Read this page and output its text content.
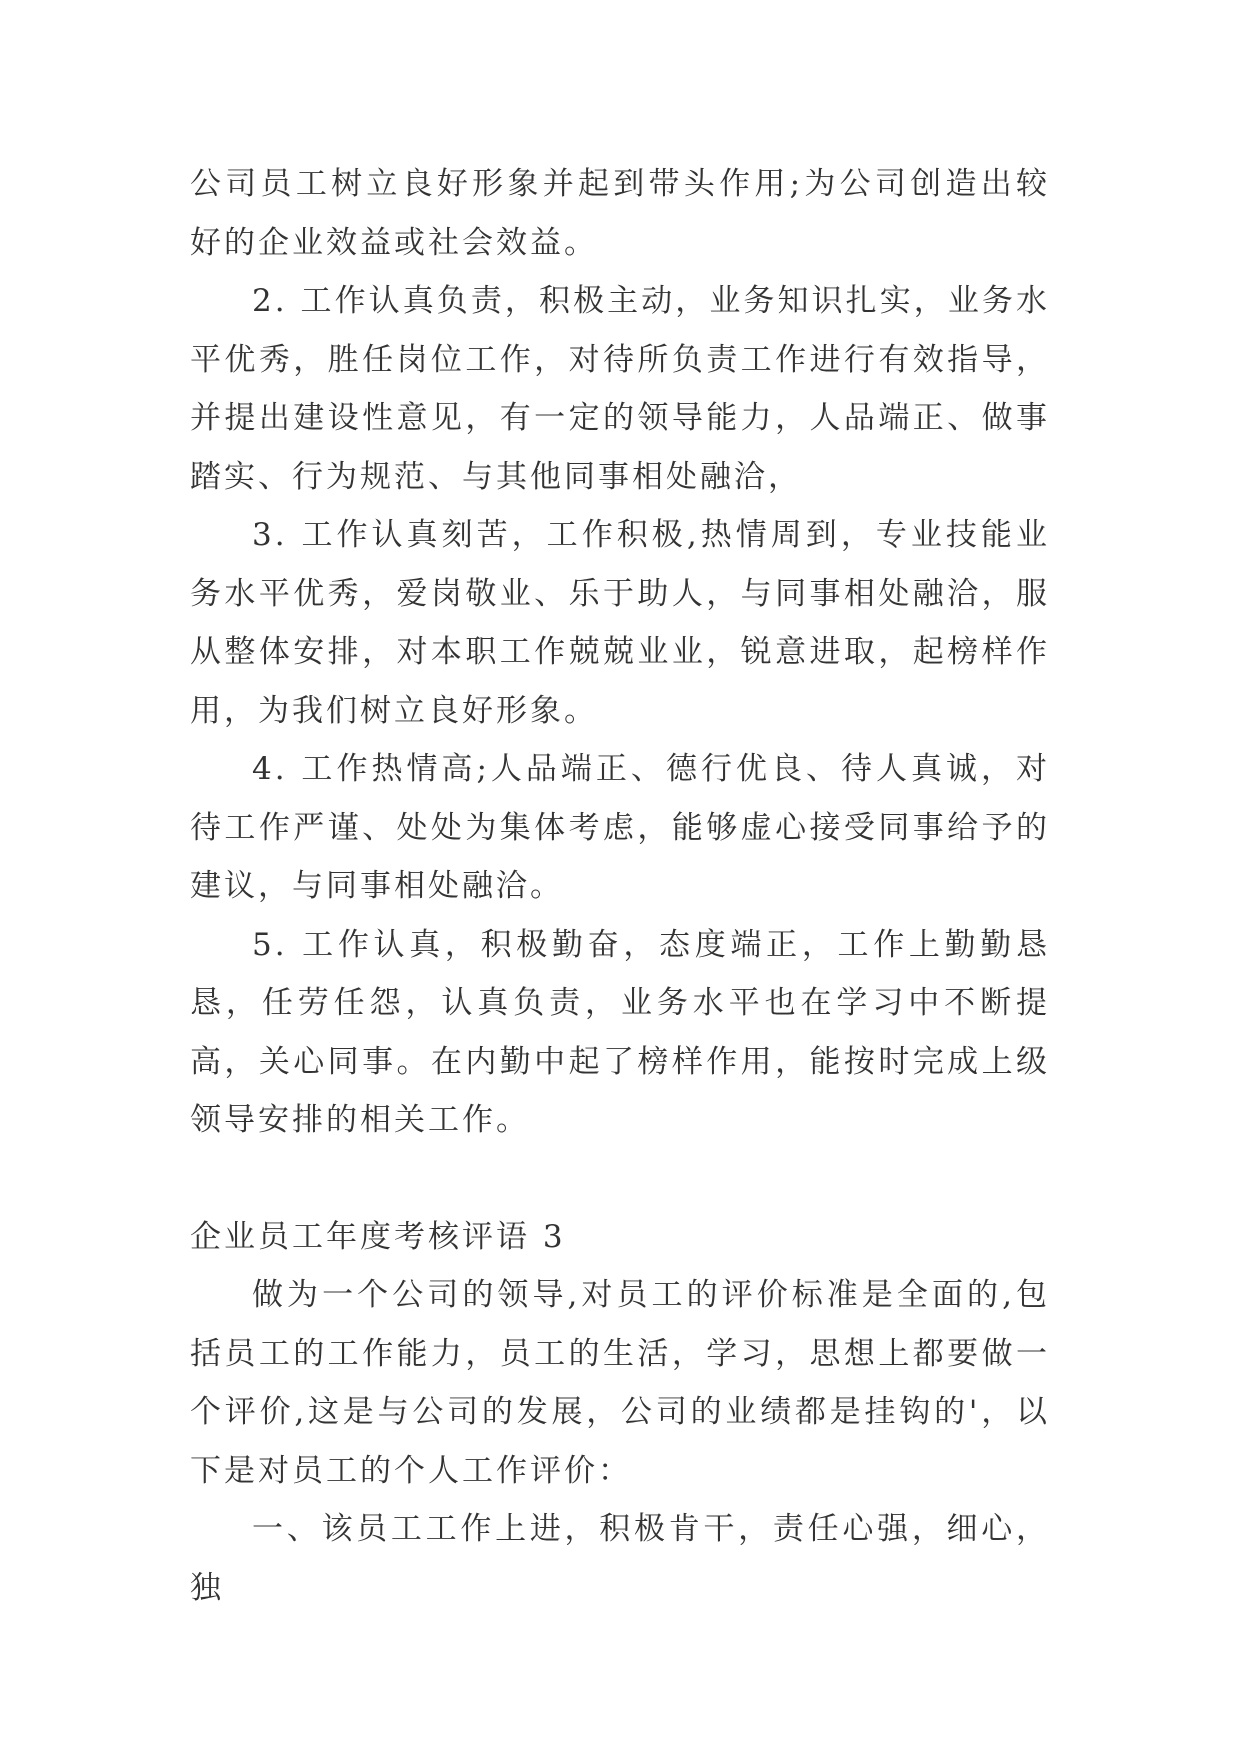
公司员工树立良好形象并起到带头作用;为公司创造出较好的企业效益或社会效益。

2. 工作认真负责，积极主动，业务知识扎实，业务水平优秀，胜任岗位工作，对待所负责工作进行有效指导，并提出建设性意见，有一定的领导能力，人品端正、做事踏实、行为规范、与其他同事相处融洽，

3. 工作认真刻苦，工作积极,热情周到，专业技能业务水平优秀，爱岗敬业、乐于助人，与同事相处融洽，服从整体安排，对本职工作兢兢业业，锐意进取，起榜样作用，为我们树立良好形象。

4. 工作热情高;人品端正、德行优良、待人真诚，对待工作严谨、处处为集体考虑，能够虚心接受同事给予的建议，与同事相处融洽。

5. 工作认真，积极勤奋，态度端正，工作上勤勤恳恳，任劳任怨，认真负责，业务水平也在学习中不断提高，关心同事。在内勤中起了榜样作用，能按时完成上级领导安排的相关工作。

企业员工年度考核评语 3

做为一个公司的领导,对员工的评价标准是全面的,包括员工的工作能力，员工的生活，学习，思想上都要做一个评价,这是与公司的发展，公司的业绩都是挂钩的'，以下是对员工的个人工作评价：

一、该员工工作上进，积极肯干，责任心强，细心，独
